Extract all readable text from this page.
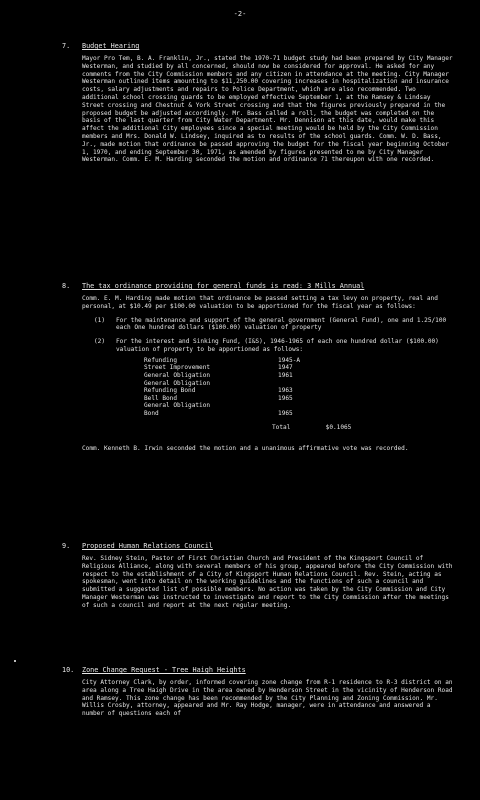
-2-
7.	Budget Hearing
Mayor Pro Tem, B. A. Franklin, Jr., stated the 1970-71 budget study had been prepared by City Manager Westerman, and studied by all concerned, should now be considered for approval. He asked for any comments from the City Commission members and any citizen in attendance at the meeting. City Manager Westerman outlined items amounting to $11,250.00 covering increases in hospitalization and insurance costs, salary adjustments and repairs to Police Department, which are also recommended. Two additional school crossing guards to be employed effective September 1, at the Ramsey & Lindsay Street crossing and Chestnut & York Street crossing and that the figures previously prepared in the proposed budget be adjusted accordingly. Mr. Bass called a roll, the budget was completed on the basis of the last quarter from City Water Department. Mr. Dennison at this date, would make this affect the additional City employees since a special meeting would be held by the City Commission members and Mrs. Donald W. Lindsey, inquired as to results of the school guards. Comm. W. D. Bass, Jr., made motion that ordinance be passed approving the budget for the fiscal year beginning October 1, 1970, and ending September 30, 1971, as amended by figures presented to me by City Manager Westerman. Comm. E. M. Harding seconded the motion and ordinance 71 thereupon with one recorded.
8.	The tax ordinance providing for general funds is read: 3 Mills Annual
Comm. E. M. Harding made motion that ordinance be passed setting a tax levy on property, real and personal, at $10.49 per $100.00 valuation to be apportioned for the fiscal year as follows:
(1)	For the maintenance and support of the general government (General Fund), one and 1.25/100 each One hundred dollars ($100.00) valuation of property
(2)	For the interest and Sinking Fund, (I&S), 1946-1965 of each one hundred dollar ($100.00) valuation of property to be apportioned as follows:
Refunding	1945-A
Street Improvement	1947
General Obligation	1961
General Obligation	
Refunding Bond	1963
Bell Bond	1965
General Obligation	
Bond	1965
Total	$0.1065
Comm. Kenneth B. Irwin seconded the motion and a unanimous affirmative vote was recorded.
9.	Proposed Human Relations Council
Rev. Sidney Stein, Pastor of First Christian Church and President of the Kingsport Council of Religious Alliance, along with several members of his group, appeared before the City Commission with respect to the establishment of a City of Kingsport Human Relations Council. Rev. Stein, acting as spokesman, went into detail on the working guidelines and the functions of such a council and submitted a suggested list of possible members. No action was taken by the City Commission and City Manager Westerman was instructed to investigate and report to the City Commission after the meetings of such a council and report at the next regular meeting.
10.	Zone Change Request - Tree Haigh Heights
City Attorney Clark, by order, informed covering zone change from R-1 residence to R-3 district on an area along a Tree Haigh Drive in the area owned by Henderson Street in the vicinity of Henderson Road and Ramsey. This zone change has been recommended by the City Planning and Zoning Commission. Mr. Willis Crosby, attorney, appeared and Mr. Ray Hodge, manager, were in attendance and answered a number of questions each of
